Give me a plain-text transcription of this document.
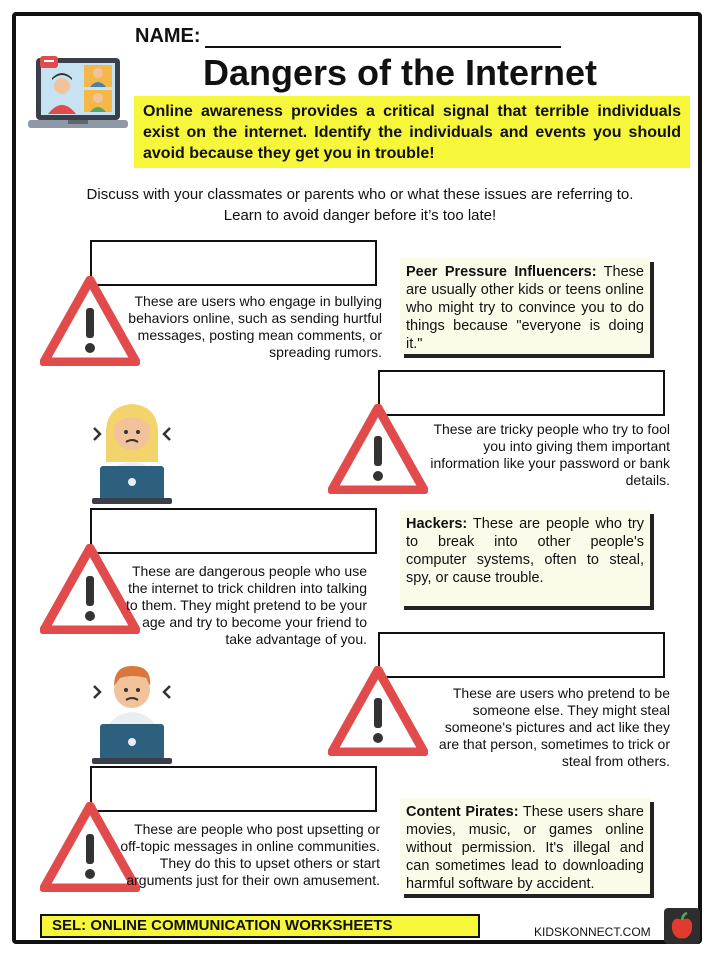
NAME:
Dangers of the Internet
Online awareness provides a critical signal that terrible individuals exist on the internet. Identify the individuals and events you should avoid because they get you in trouble!
Discuss with your classmates or parents who or what these issues are referring to.
Learn to avoid danger before it’s too late!
These are users who engage in bullying behaviors online, such as sending hurtful messages, posting mean comments, or spreading rumors.
Peer Pressure Influencers: These are usually other kids or teens online who might try to convince you to do things because "everyone is doing it."
These are tricky people who try to fool you into giving them important information like your password or bank details.
These are dangerous people who use the internet to trick children into talking to them. They might pretend to be your age and try to become your friend to take advantage of you.
Hackers: These are people who try to break into other people's computer systems, often to steal, spy, or cause trouble.
These are users who pretend to be someone else. They might steal someone's pictures and act like they are that person, sometimes to trick or steal from others.
These are people who post upsetting or off-topic messages in online communities. They do this to upset others or start arguments just for their own amusement.
Content Pirates: These users share movies, music, or games online without permission. It's illegal and can sometimes lead to downloading harmful software by accident.
SEL: ONLINE COMMUNICATION WORKSHEETS	KIDSKONNECT.COM
